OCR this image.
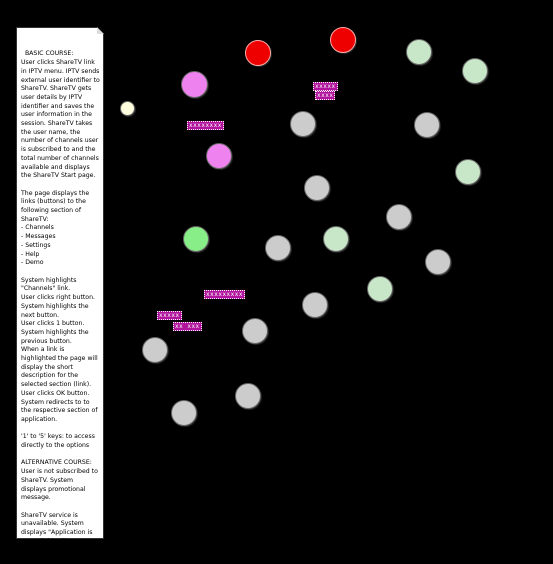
BASIC COURSE:
User clicks ShareTV link in IPTV menu. IPTV sends external user identifier to ShareTV. ShareTV gets user details by IPTV identifier and saves the user information in the session. ShareTV takes the user name, the number of channels user is subscribed to and the total number of channels available and displays the ShareTV Start page.

The page displays the links (buttons) to the following section of ShareTV:
- Channels
- Messages
- Settings
- Help
- Demo

System highlights "Channels" link.
User clicks right button.
System highlights the next button.
User clicks 1 button.
System highlights the previous button.
When a link is highlighted the page will display the short description for the selected section (link).
User clicks OK button.
System redirects to to the respective section of application.

'1' to '5' keys: to access directly to the options

ALTERNATIVE COURSE:
User is not subscribed to ShareTV. System displays promotional message.

ShareTV service is unavailable. System displays "Application is unavailable. Please contact your service provider." error message.

xxxxx
xxxx
xxxxxxxx
xxxxxxxxx
xxxxx
xx xxx
